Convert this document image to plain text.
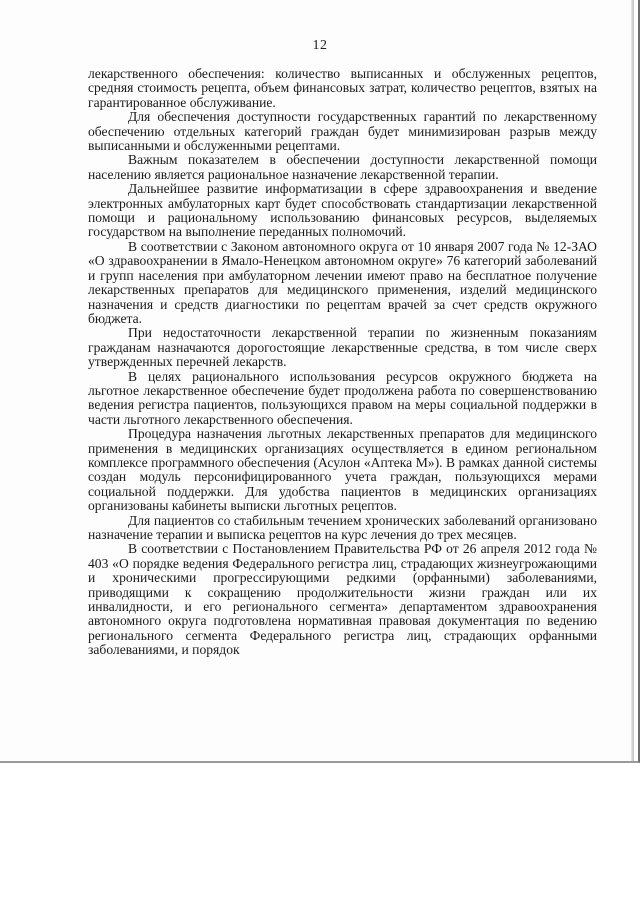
12

лекарственного обеспечения: количество выписанных и обслуженных рецептов, средняя стоимость рецепта, объем финансовых затрат, количество рецептов, взятых на гарантированное обслуживание.

Для обеспечения доступности государственных гарантий по лекарственному обеспечению отдельных категорий граждан будет минимизирован разрыв между выписанными и обслуженными рецептами.

Важным показателем в обеспечении доступности лекарственной помощи населению является рациональное назначение лекарственной терапии.

Дальнейшее развитие информатизации в сфере здравоохранения и введение электронных амбулаторных карт будет способствовать стандартизации лекарственной помощи и рациональному использованию финансовых ресурсов, выделяемых государством на выполнение переданных полномочий.

В соответствии с Законом автономного округа от 10 января 2007 года № 12-ЗАО «О здравоохранении в Ямало-Ненецком автономном округе» 76 категорий заболеваний и групп населения при амбулаторном лечении имеют право на бесплатное получение лекарственных препаратов для медицинского применения, изделий медицинского назначения и средств диагностики по рецептам врачей за счет средств окружного бюджета.

При недостаточности лекарственной терапии по жизненным показаниям гражданам назначаются дорогостоящие лекарственные средства, в том числе сверх утвержденных перечней лекарств.

В целях рационального использования ресурсов окружного бюджета на льготное лекарственное обеспечение будет продолжена работа по совершенствованию ведения регистра пациентов, пользующихся правом на меры социальной поддержки в части льготного лекарственного обеспечения.

Процедура назначения льготных лекарственных препаратов для медицинского применения в медицинских организациях осуществляется в едином региональном комплексе программного обеспечения (Асулон «Аптека М»). В рамках данной системы создан модуль персонифицированного учета граждан, пользующихся мерами социальной поддержки. Для удобства пациентов в медицинских организациях организованы кабинеты выписки льготных рецептов.

Для пациентов со стабильным течением хронических заболеваний организовано назначение терапии и выписка рецептов на курс лечения до трех месяцев.

В соответствии с Постановлением Правительства РФ от 26 апреля 2012 года № 403 «О порядке ведения Федерального регистра лиц, страдающих жизнеугрожающими и хроническими прогрессирующими редкими (орфанными) заболеваниями, приводящими к сокращению продолжительности жизни граждан или их инвалидности, и его регионального сегмента» департаментом здравоохранения автономного округа подготовлена нормативная правовая документация по ведению регионального сегмента Федерального регистра лиц, страдающих орфанными заболеваниями, и порядок
